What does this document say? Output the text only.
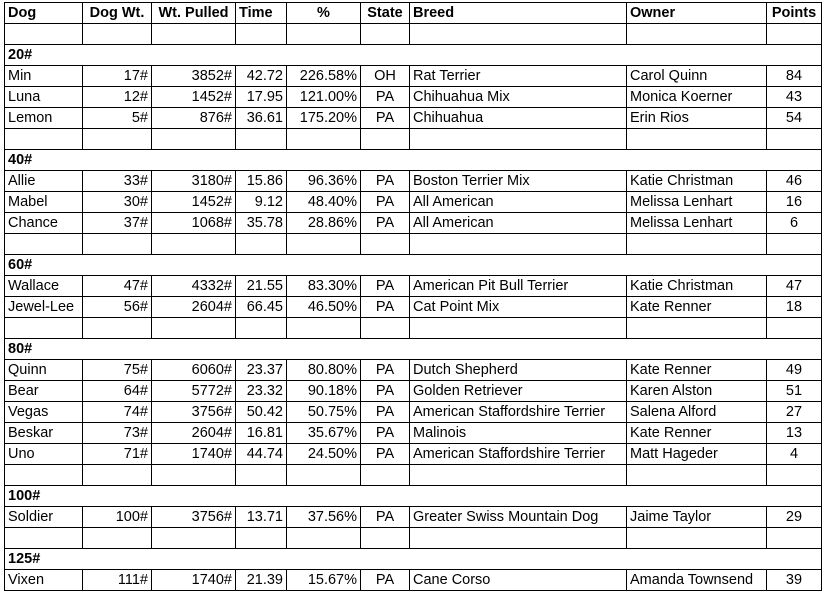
Dog	Dog Wt.	Wt. Pulled	Time	%	State	Breed	Owner	Points

20#								
Min	17#	3852#	42.72	226.58%	OH	Rat Terrier	Carol Quinn	84
Luna	12#	1452#	17.95	121.00%	PA	Chihuahua Mix	Monica Koerner	43
Lemon	5#	876#	36.61	175.20%	PA	Chihuahua	Erin Rios	54

40#								
Allie	33#	3180#	15.86	96.36%	PA	Boston Terrier Mix	Katie Christman	46
Mabel	30#	1452#	9.12	48.40%	PA	All American	Melissa Lenhart	16
Chance	37#	1068#	35.78	28.86%	PA	All American	Melissa Lenhart	6

60#								
Wallace	47#	4332#	21.55	83.30%	PA	American Pit Bull Terrier	Katie Christman	47
Jewel-Lee	56#	2604#	66.45	46.50%	PA	Cat Point Mix	Kate Renner	18

80#								
Quinn	75#	6060#	23.37	80.80%	PA	Dutch Shepherd	Kate Renner	49
Bear	64#	5772#	23.32	90.18%	PA	Golden Retriever	Karen Alston	51
Vegas	74#	3756#	50.42	50.75%	PA	American Staffordshire Terrier	Salena Alford	27
Beskar	73#	2604#	16.81	35.67%	PA	Malinois	Kate Renner	13
Uno	71#	1740#	44.74	24.50%	PA	American Staffordshire Terrier	Matt Hageder	4

100#								
Soldier	100#	3756#	13.71	37.56%	PA	Greater Swiss Mountain Dog	Jaime Taylor	29

125#								
Vixen	111#	1740#	21.39	15.67%	PA	Cane Corso	Amanda Townsend	39
